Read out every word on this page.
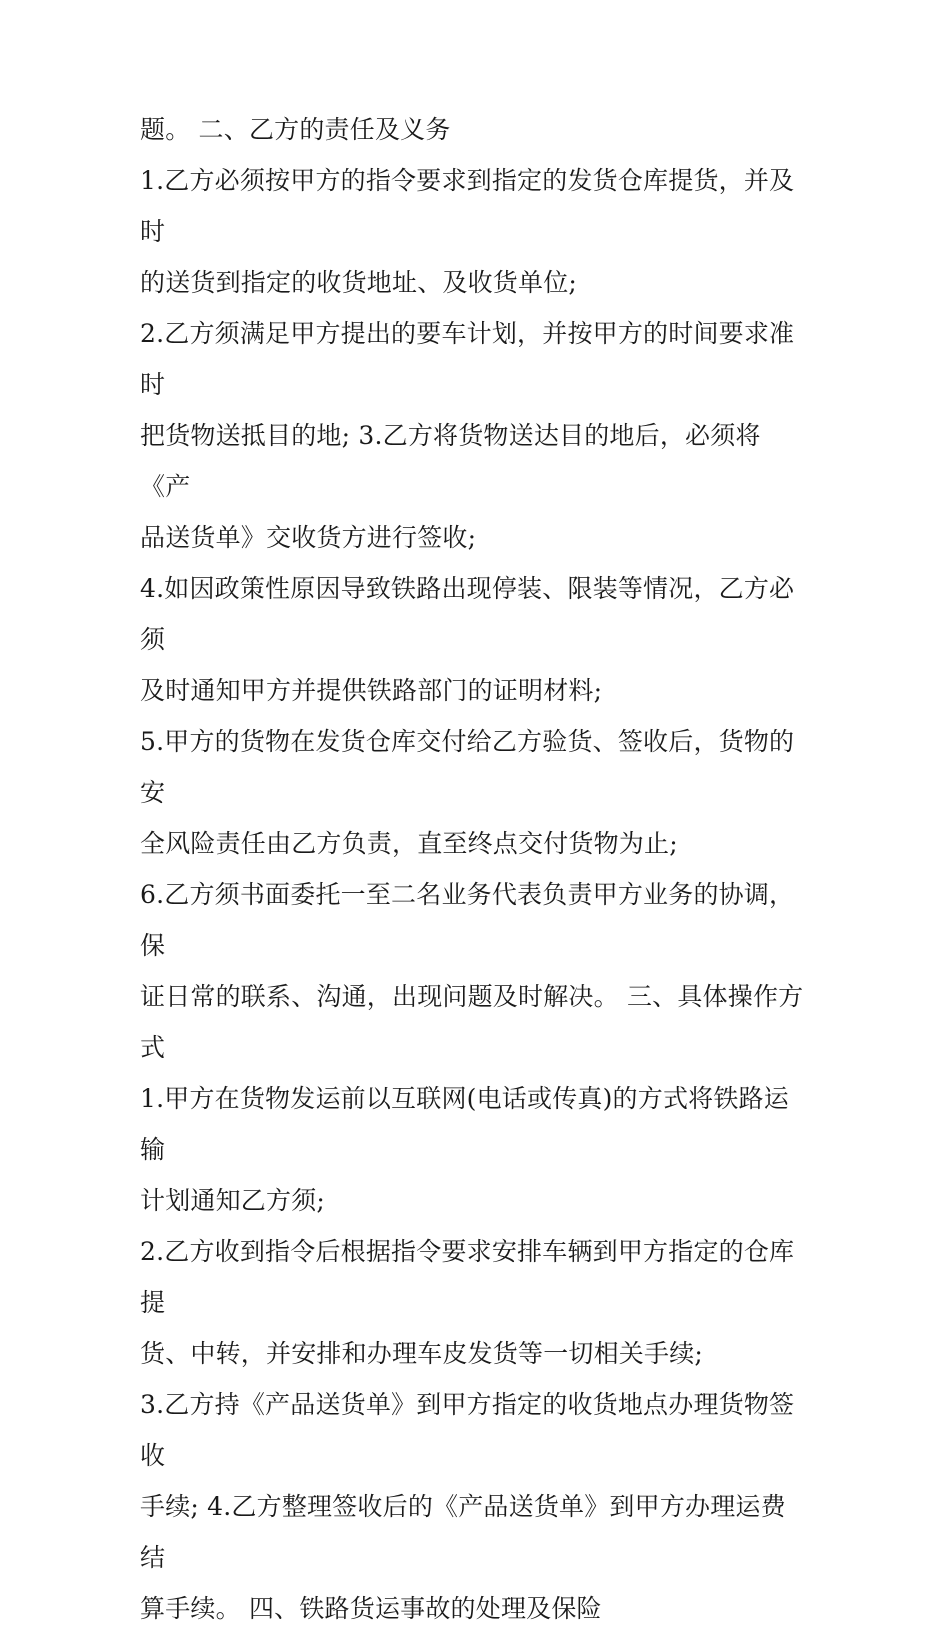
题。 二、乙方的责任及义务

1.乙方必须按甲方的指令要求到指定的发货仓库提货，并及时

的送货到指定的收货地址、及收货单位;

2.乙方须满足甲方提出的要车计划，并按甲方的时间要求准时

把货物送抵目的地; 3.乙方将货物送达目的地后，必须将《产

品送货单》交收货方进行签收;

4.如因政策性原因导致铁路出现停装、限装等情况，乙方必须

及时通知甲方并提供铁路部门的证明材料;

5.甲方的货物在发货仓库交付给乙方验货、签收后，货物的安

全风险责任由乙方负责，直至终点交付货物为止;

6.乙方须书面委托一至二名业务代表负责甲方业务的协调，保

证日常的联系、沟通，出现问题及时解决。 三、具体操作方

式

1.甲方在货物发运前以互联网(电话或传真)的方式将铁路运输

计划通知乙方须;

2.乙方收到指令后根据指令要求安排车辆到甲方指定的仓库提

货、中转，并安排和办理车皮发货等一切相关手续;

3.乙方持《产品送货单》到甲方指定的收货地点办理货物签收

手续; 4.乙方整理签收后的《产品送货单》到甲方办理运费结

算手续。 四、铁路货运事故的处理及保险
